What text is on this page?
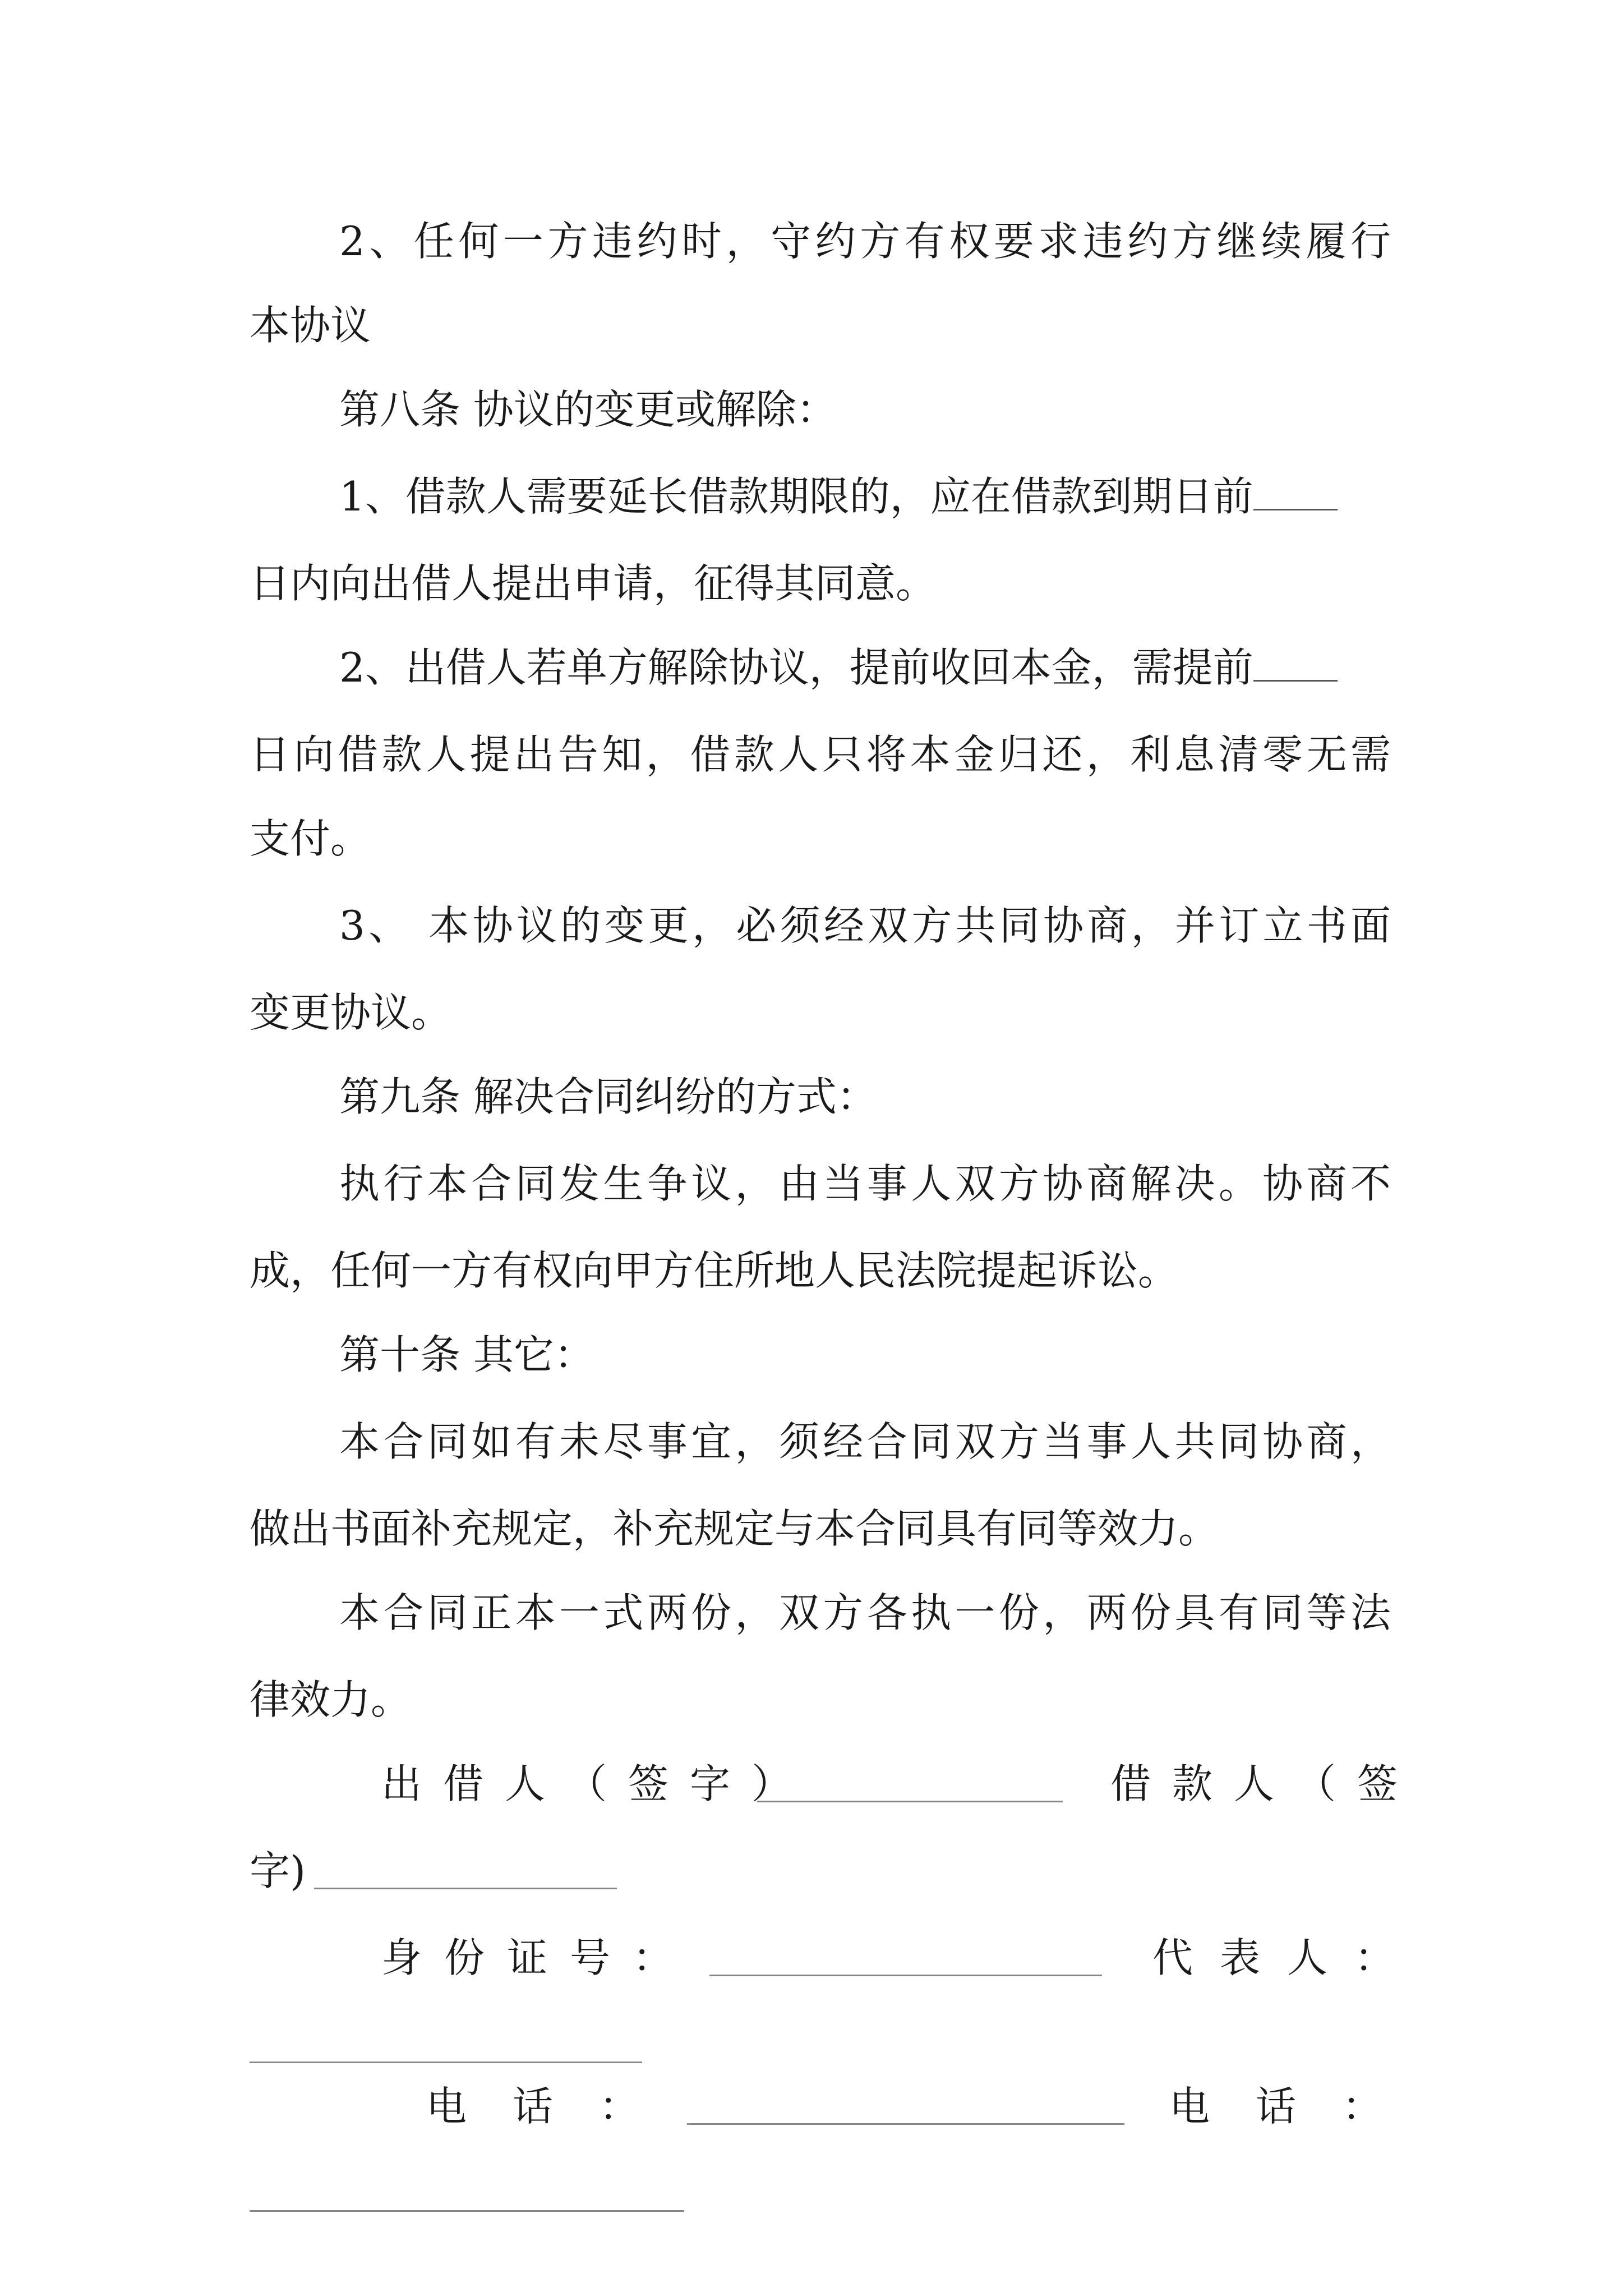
2、任何一方违约时，守约方有权要求违约方继续履行
本协议
第八条 协议的变更或解除：
1、借款人需要延长借款期限的，应在借款到期日前
日内向出借人提出申请，征得其同意。
2、出借人若单方解除协议，提前收回本金，需提前
日向借款人提出告知，借款人只将本金归还，利息清零无需
支付。
3、 本协议的变更，必须经双方共同协商，并订立书面
变更协议。
第九条 解决合同纠纷的方式：
执行本合同发生争议，由当事人双方协商解决。协商不
成，任何一方有权向甲方住所地人民法院提起诉讼。
第十条 其它：
本合同如有未尽事宜，须经合同双方当事人共同协商，
做出书面补充规定，补充规定与本合同具有同等效力。
本合同正本一式两份，双方各执一份，两份具有同等法
律效力。
出借人（签字）	借款人（签
字)
身份证号：	代表人：
电话：	电话：
